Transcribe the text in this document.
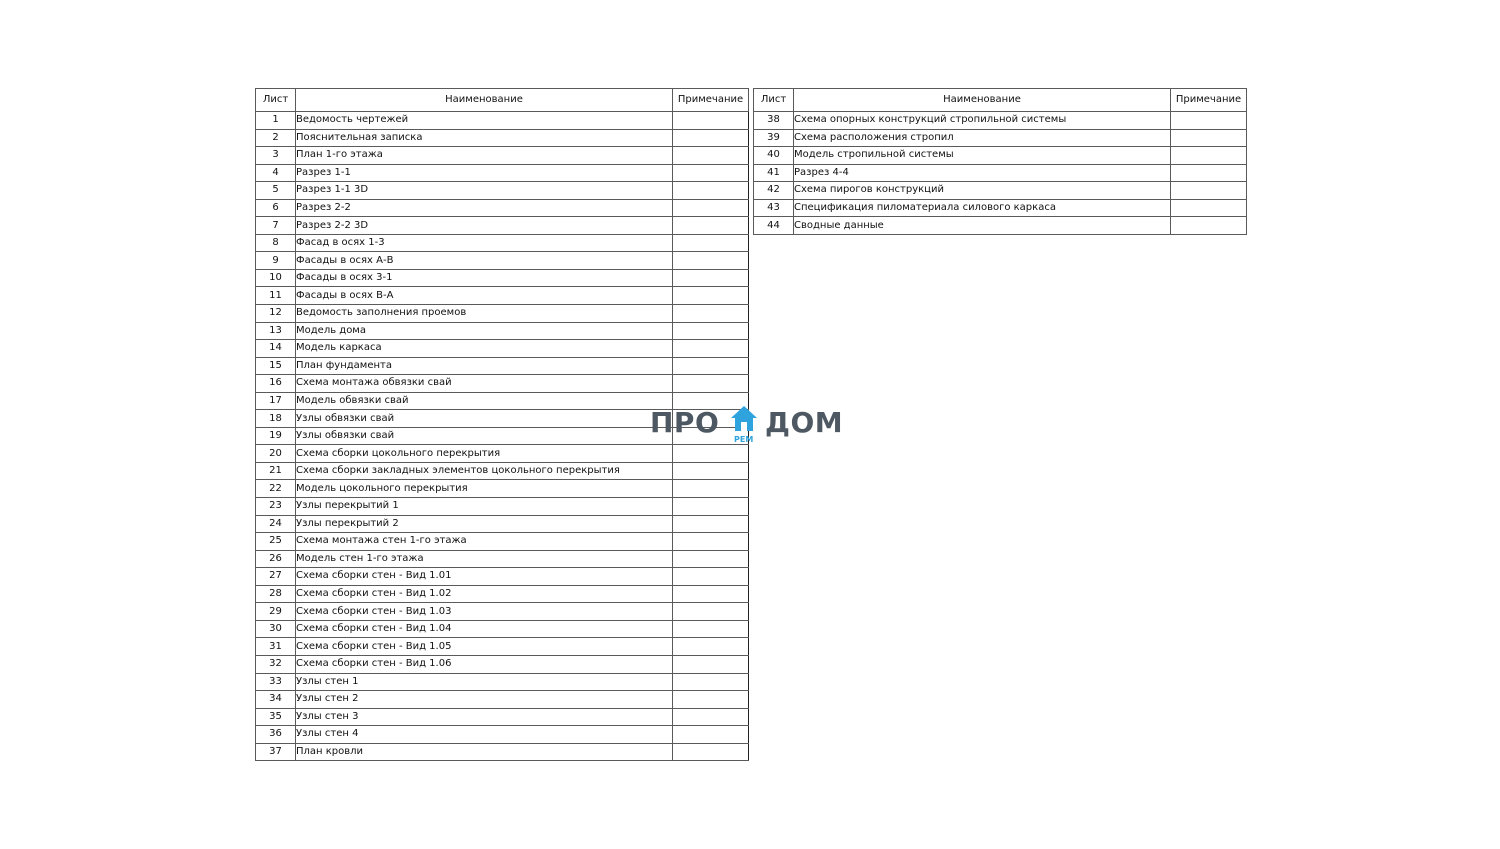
Лист	Наименование	Примечание
1	Ведомость чертежей	
2	Пояснительная записка	
3	План 1-го этажа	
4	Разрез 1-1	
5	Разрез 1-1 3D	
6	Разрез 2-2	
7	Разрез 2-2 3D	
8	Фасад в осях 1-3	
9	Фасады в осях А-В	
10	Фасады в осях 3-1	
11	Фасады в осях В-А	
12	Ведомость заполнения проемов	
13	Модель дома	
14	Модель каркаса	
15	План фундамента	
16	Схема монтажа обвязки свай	
17	Модель обвязки свай	
18	Узлы обвязки свай	
19	Узлы обвязки свай	
20	Схема сборки цокольного перекрытия	
21	Схема сборки закладных элементов цокольного перекрытия	
22	Модель цокольного перекрытия	
23	Узлы перекрытий 1	
24	Узлы перекрытий 2	
25	Схема монтажа стен 1-го этажа	
26	Модель стен 1-го этажа	
27	Схема сборки стен - Вид 1.01	
28	Схема сборки стен - Вид 1.02	
29	Схема сборки стен - Вид 1.03	
30	Схема сборки стен - Вид 1.04	
31	Схема сборки стен - Вид 1.05	
32	Схема сборки стен - Вид 1.06	
33	Узлы стен 1	
34	Узлы стен 2	
35	Узлы стен 3	
36	Узлы стен 4	
37	План кровли	
Лист	Наименование	Примечание
38	Схема опорных конструкций стропильной системы	
39	Схема расположения стропил	
40	Модель стропильной системы	
41	Разрез 4-4	
42	Схема пирогов конструкций	
43	Спецификация пиломатериала силового каркаса	
44	Сводные данные	
ПРО
РЕМ
ДОМ
